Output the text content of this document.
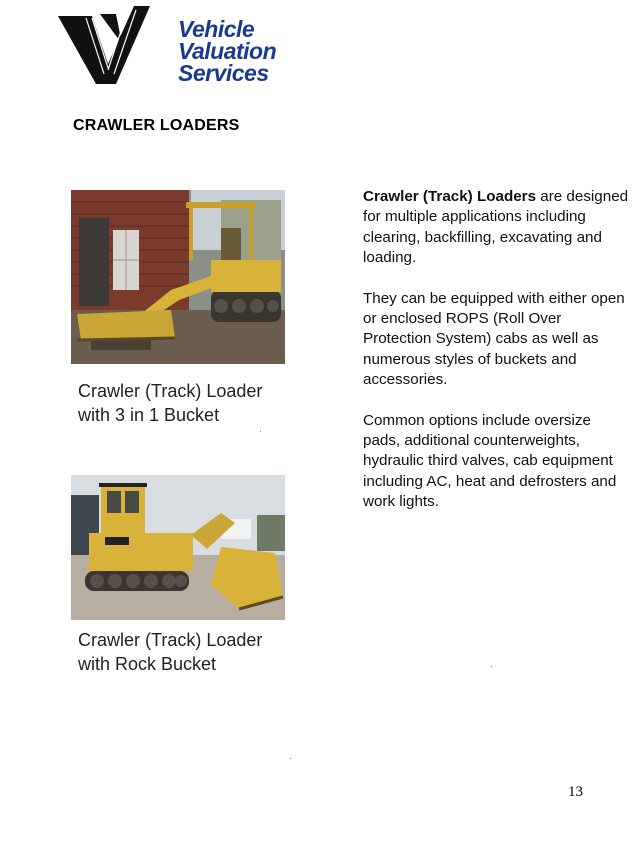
Vehicle
Valuation
Services
CRAWLER LOADERS
Crawler (Track) Loader
with 3 in 1 Bucket
Crawler (Track) Loader
with Rock Bucket

Crawler (Track) Loaders are designed for multiple applications including clearing, backfilling, excavating and loading.

They can be equipped with either open or enclosed ROPS (Roll Over Protection System) cabs as well as numerous styles of buckets and accessories.

Common options include oversize pads, additional counterweights, hydraulic third valves, cab equipment including AC, heat and defrosters and work lights.

13
